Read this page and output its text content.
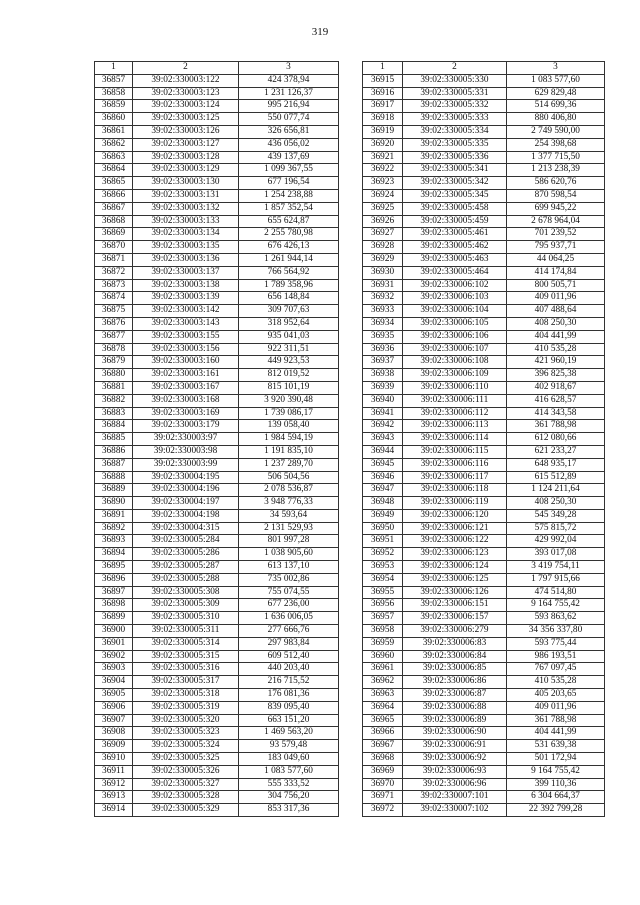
319
1	2	3
36857	39:02:330003:122	424 378,94
36858	39:02:330003:123	1 231 126,37
36859	39:02:330003:124	995 216,94
36860	39:02:330003:125	550 077,74
36861	39:02:330003:126	326 656,81
36862	39:02:330003:127	436 056,02
36863	39:02:330003:128	439 137,69
36864	39:02:330003:129	1 099 367,55
36865	39:02:330003:130	677 196,54
36866	39:02:330003:131	1 254 238,88
36867	39:02:330003:132	1 857 352,54
36868	39:02:330003:133	655 624,87
36869	39:02:330003:134	2 255 780,98
36870	39:02:330003:135	676 426,13
36871	39:02:330003:136	1 261 944,14
36872	39:02:330003:137	766 564,92
36873	39:02:330003:138	1 789 358,96
36874	39:02:330003:139	656 148,84
36875	39:02:330003:142	309 707,63
36876	39:02:330003:143	318 952,64
36877	39:02:330003:155	935 041,03
36878	39:02:330003:156	922 311,51
36879	39:02:330003:160	449 923,53
36880	39:02:330003:161	812 019,52
36881	39:02:330003:167	815 101,19
36882	39:02:330003:168	3 920 390,48
36883	39:02:330003:169	1 739 086,17
36884	39:02:330003:179	139 058,40
36885	39:02:330003:97	1 984 594,19
36886	39:02:330003:98	1 191 835,10
36887	39:02:330003:99	1 237 289,70
36888	39:02:330004:195	506 504,56
36889	39:02:330004:196	2 078 536,87
36890	39:02:330004:197	3 948 776,33
36891	39:02:330004:198	34 593,64
36892	39:02:330004:315	2 131 529,93
36893	39:02:330005:284	801 997,28
36894	39:02:330005:286	1 038 905,60
36895	39:02:330005:287	613 137,10
36896	39:02:330005:288	735 002,86
36897	39:02:330005:308	755 074,55
36898	39:02:330005:309	677 236,00
36899	39:02:330005:310	1 636 006,05
36900	39:02:330005:311	277 666,76
36901	39:02:330005:314	297 983,84
36902	39:02:330005:315	609 512,40
36903	39:02:330005:316	440 203,40
36904	39:02:330005:317	216 715,52
36905	39:02:330005:318	176 081,36
36906	39:02:330005:319	839 095,40
36907	39:02:330005:320	663 151,20
36908	39:02:330005:323	1 469 563,20
36909	39:02:330005:324	93 579,48
36910	39:02:330005:325	183 049,60
36911	39:02:330005:326	1 083 577,60
36912	39:02:330005:327	555 333,52
36913	39:02:330005:328	304 756,20
36914	39:02:330005:329	853 317,36
1	2	3
36915	39:02:330005:330	1 083 577,60
36916	39:02:330005:331	629 829,48
36917	39:02:330005:332	514 699,36
36918	39:02:330005:333	880 406,80
36919	39:02:330005:334	2 749 590,00
36920	39:02:330005:335	254 398,68
36921	39:02:330005:336	1 377 715,50
36922	39:02:330005:341	1 213 238,39
36923	39:02:330005:342	586 620,76
36924	39:02:330005:345	870 598,54
36925	39:02:330005:458	699 945,22
36926	39:02:330005:459	2 678 964,04
36927	39:02:330005:461	701 239,52
36928	39:02:330005:462	795 937,71
36929	39:02:330005:463	44 064,25
36930	39:02:330005:464	414 174,84
36931	39:02:330006:102	800 505,71
36932	39:02:330006:103	409 011,96
36933	39:02:330006:104	407 488,64
36934	39:02:330006:105	408 250,30
36935	39:02:330006:106	404 441,99
36936	39:02:330006:107	410 535,28
36937	39:02:330006:108	421 960,19
36938	39:02:330006:109	396 825,38
36939	39:02:330006:110	402 918,67
36940	39:02:330006:111	416 628,57
36941	39:02:330006:112	414 343,58
36942	39:02:330006:113	361 788,98
36943	39:02:330006:114	612 080,66
36944	39:02:330006:115	621 233,27
36945	39:02:330006:116	648 935,17
36946	39:02:330006:117	615 512,89
36947	39:02:330006:118	1 124 211,64
36948	39:02:330006:119	408 250,30
36949	39:02:330006:120	545 349,28
36950	39:02:330006:121	575 815,72
36951	39:02:330006:122	429 992,04
36952	39:02:330006:123	393 017,08
36953	39:02:330006:124	3 419 754,11
36954	39:02:330006:125	1 797 915,66
36955	39:02:330006:126	474 514,80
36956	39:02:330006:151	9 164 755,42
36957	39:02:330006:157	593 863,62
36958	39:02:330006:279	34 356 337,80
36959	39:02:330006:83	593 775,44
36960	39:02:330006:84	986 193,51
36961	39:02:330006:85	767 097,45
36962	39:02:330006:86	410 535,28
36963	39:02:330006:87	405 203,65
36964	39:02:330006:88	409 011,96
36965	39:02:330006:89	361 788,98
36966	39:02:330006:90	404 441,99
36967	39:02:330006:91	531 639,38
36968	39:02:330006:92	501 172,94
36969	39:02:330006:93	9 164 755,42
36970	39:02:330006:96	399 110,36
36971	39:02:330007:101	6 304 664,37
36972	39:02:330007:102	22 392 799,28
